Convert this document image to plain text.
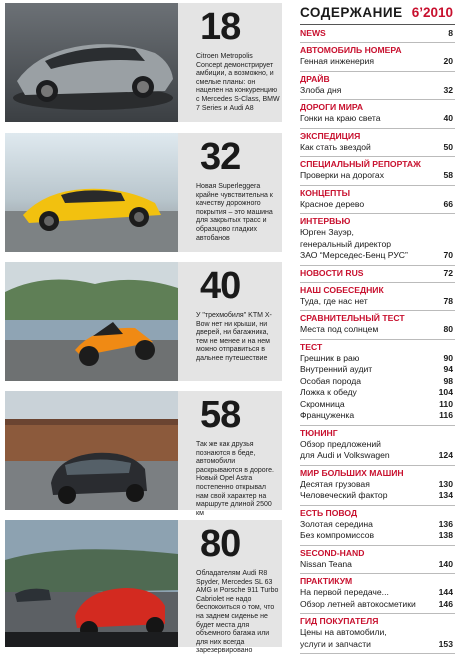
18
Citroen Metropolis Concept демонстрирует амбиции, а возможно, и смелые планы: он нацелен на конкуренцию с Mercedes S-Class, BMW 7 Series и Audi A8
32
Новая Superleggera крайне чувствительна к качеству дорожного покрытия – это машина для закрытых трасс и образцово гладких автобанов
40
У "трехмобиля" KTM X-Bow нет ни крыши, ни дверей, ни багажника, тем не менее и на нем можно отправиться в дальнее путешествие
58
Так же как друзья познаются в беде, автомобили раскрываются в дороге. Новый Opel Astra постепенно открывал нам свой характер на маршруте длиной 2500 км
80
Обладателям Audi R8 Spyder, Mercedes SL 63 AMG и Porsche 911 Turbo Cabriolet не надо беспокоиться о том, что на заднем сиденье не будет места для объемного багажа или для них всегда зарезервировано
СОДЕРЖАНИЕ 6’2010
NEWS	8
АВТОМОБИЛЬ НОМЕРА
Генная инженерия	20
ДРАЙВ
Злоба дня	32
ДОРОГИ МИРА
Гонки на краю света	40
ЭКСПЕДИЦИЯ
Как стать звездой	50
СПЕЦИАЛЬНЫЙ РЕПОРТАЖ
Проверки на дорогах	58
КОНЦЕПТЫ
Красное дерево	66
ИНТЕРВЬЮ
Юрген Зауэр,
генеральный директор
ЗАО “Мерседес-Бенц РУС”	70
НОВОСТИ RUS	72
НАШ СОБЕСЕДНИК
Туда, где нас нет	78
СРАВНИТЕЛЬНЫЙ ТЕСТ
Места под солнцем	80
ТЕСТ
Грешник в раю	90
Внутренний аудит	94
Особая порода	98
Ложка к обеду	104
Скромница	110
Француженка	116
ТЮНИНГ
Обзор предложений
для Audi и Volkswagen	124
МИР БОЛЬШИХ МАШИН
Десятая грузовая	130
Человеческий фактор	134
ЕСТЬ ПОВОД
Золотая середина	136
Без компромиссов	138
SECOND-HAND
Nissan Teana	140
ПРАКТИКУМ
На первой передаче...	144
Обзор летней автокосметики	146
ГИД ПОКУПАТЕЛЯ
Цены на автомобили,
услуги и запчасти	153
